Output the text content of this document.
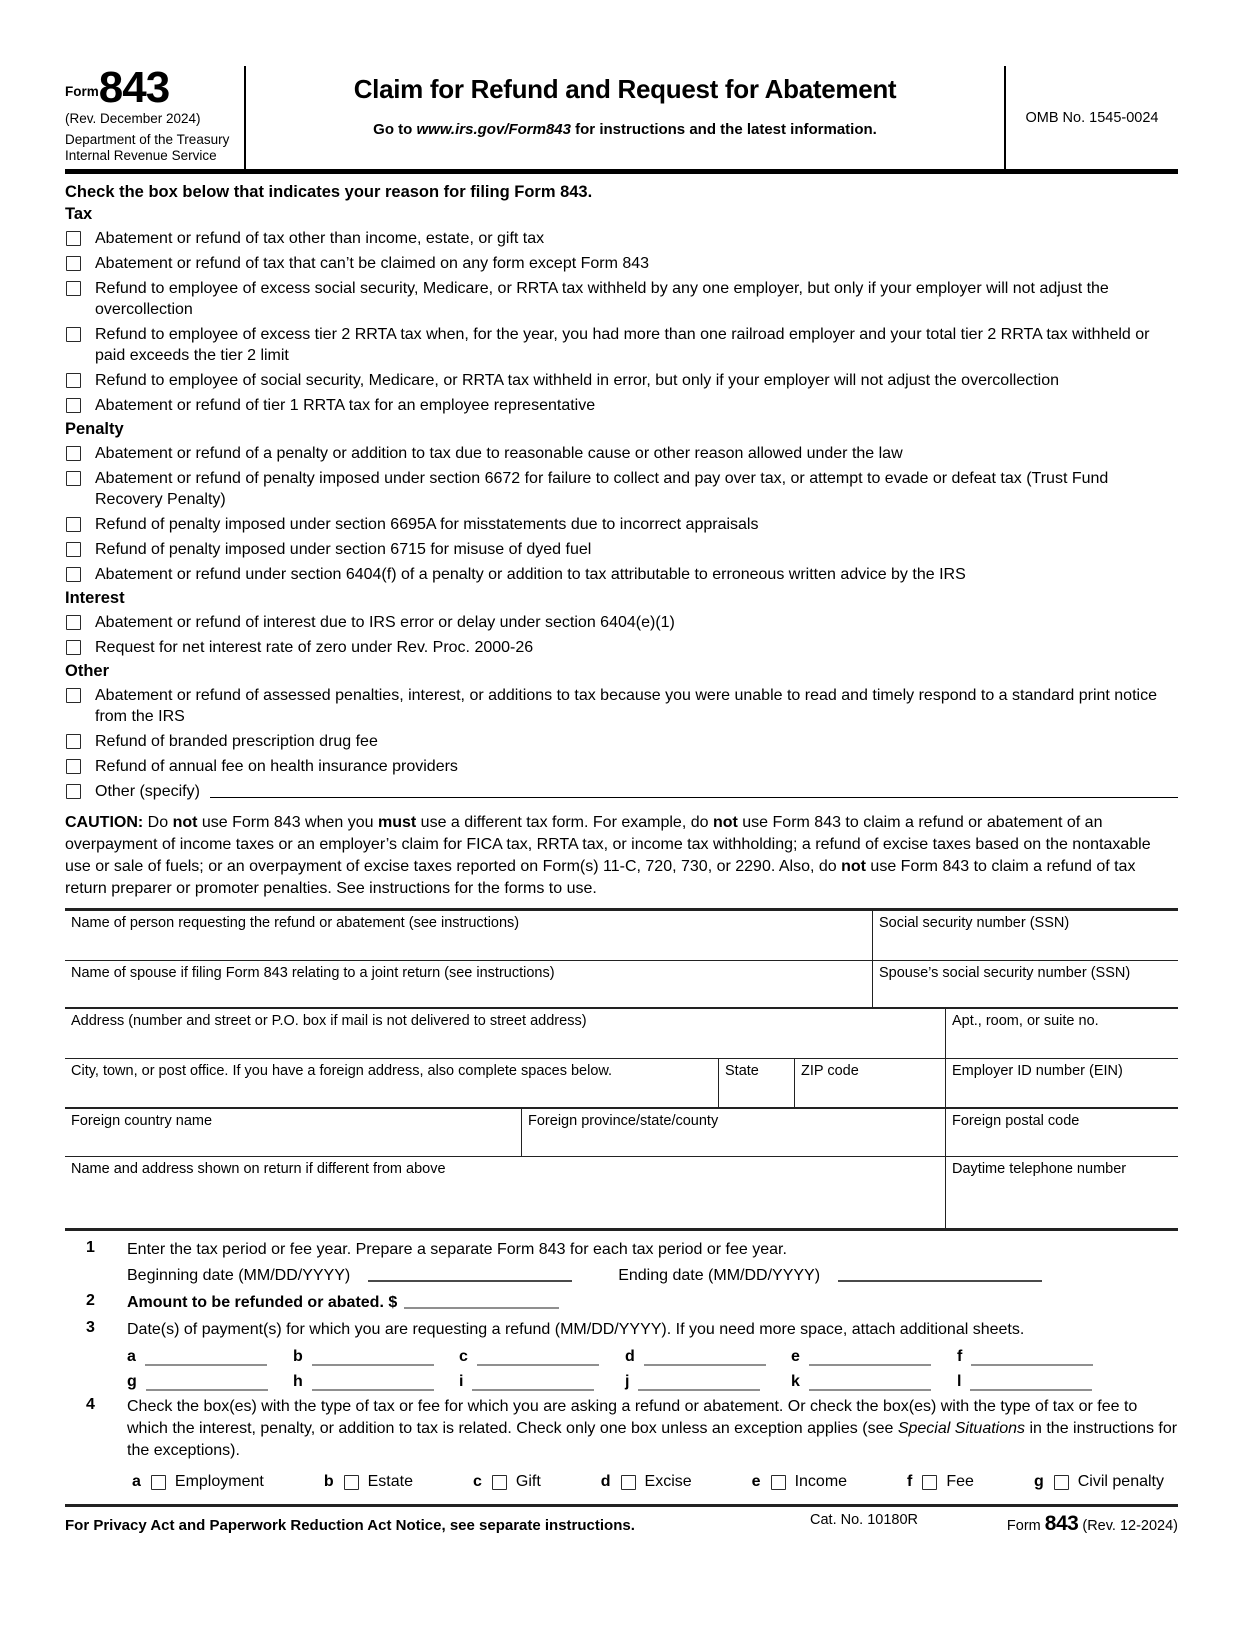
$^{Form}$843
(Rev. December 2024)
Department of the Treasury
Internal Revenue Service
Claim for Refund and Request for Abatement
Go to www.irs.gov/Form843 for instructions and the latest information.
OMB No. 1545-0024
Check the box below that indicates your reason for filing Form 843.
Tax
Abatement or refund of tax other than income, estate, or gift tax
Abatement or refund of tax that can’t be claimed on any form except Form 843
Refund to employee of excess social security, Medicare, or RRTA tax withheld by any one employer, but only if your employer will not adjust the overcollection
Refund to employee of excess tier 2 RRTA tax when, for the year, you had more than one railroad employer and your total tier 2 RRTA tax withheld or paid exceeds the tier 2 limit
Refund to employee of social security, Medicare, or RRTA tax withheld in error, but only if your employer will not adjust the overcollection
Abatement or refund of tier 1 RRTA tax for an employee representative
Penalty
Abatement or refund of a penalty or addition to tax due to reasonable cause or other reason allowed under the law
Abatement or refund of penalty imposed under section 6672 for failure to collect and pay over tax, or attempt to evade or defeat tax (Trust Fund Recovery Penalty)
Refund of penalty imposed under section 6695A for misstatements due to incorrect appraisals
Refund of penalty imposed under section 6715 for misuse of dyed fuel
Abatement or refund under section 6404(f) of a penalty or addition to tax attributable to erroneous written advice by the IRS
Interest
Abatement or refund of interest due to IRS error or delay under section 6404(e)(1)
Request for net interest rate of zero under Rev. Proc. 2000-26
Other
Abatement or refund of assessed penalties, interest, or additions to tax because you were unable to read and timely respond to a standard print notice from the IRS
Refund of branded prescription drug fee
Refund of annual fee on health insurance providers
Other (specify)
CAUTION: Do not use Form 843 when you must use a different tax form. For example, do not use Form 843 to claim a refund or abatement of an overpayment of income taxes or an employer’s claim for FICA tax, RRTA tax, or income tax withholding; a refund of excise taxes based on the nontaxable use or sale of fuels; or an overpayment of excise taxes reported on Form(s) 11-C, 720, 730, or 2290. Also, do not use Form 843 to claim a refund of tax return preparer or promoter penalties. See instructions for the forms to use.
Name of person requesting the refund or abatement (see instructions)	Social security number (SSN)
Name of spouse if filing Form 843 relating to a joint return (see instructions)	Spouse’s social security number (SSN)
Address (number and street or P.O. box if mail is not delivered to street address)	Apt., room, or suite no.
City, town, or post office. If you have a foreign address, also complete spaces below.	State	ZIP code	Employer ID number (EIN)
Foreign country name	Foreign province/state/county	Foreign postal code
Name and address shown on return if different from above	Daytime telephone number
1	Enter the tax period or fee year. Prepare a separate Form 843 for each tax period or fee year.
Beginning date (MM/DD/YYYY)	Ending date (MM/DD/YYYY)
2	Amount to be refunded or abated. $
3	Date(s) of payment(s) for which you are requesting a refund (MM/DD/YYYY). If you need more space, attach additional sheets.
a	b	c	d	e	f
g	h	i	j	k	l
4	Check the box(es) with the type of tax or fee for which you are asking a refund or abatement. Or check the box(es) with the type of tax or fee to which the interest, penalty, or addition to tax is related. Check only one box unless an exception applies (see Special Situations in the instructions for the exceptions).
a Employment	b Estate	c Gift	d Excise	e Income	f Fee	g Civil penalty
For Privacy Act and Paperwork Reduction Act Notice, see separate instructions.	Cat. No. 10180R	Form 843 (Rev. 12-2024)
